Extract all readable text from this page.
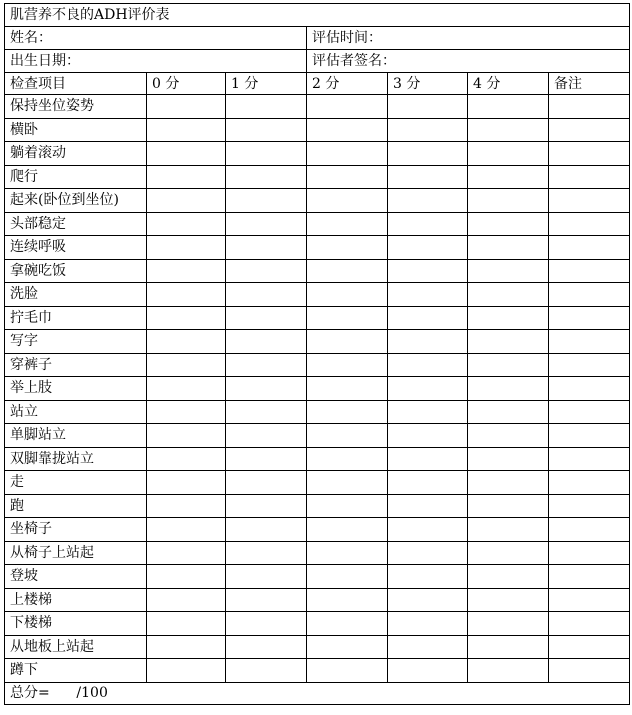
肌营养不良的ADH评价表						
姓名：			评估时间：			
出生日期：			评估者签名：			
检查项目	0 分	1 分	2 分	3 分	4 分	备注
保持坐位姿势						
横卧						
躺着滚动						
爬行						
起来(卧位到坐位)						
头部稳定						
连续呼吸						
拿碗吃饭						
洗脸						
拧毛巾						
写字						
穿裤子						
举上肢						
站立						
单脚站立						
双脚靠拢站立						
走						
跑						
坐椅子						
从椅子上站起						
登坡						
上楼梯						
下楼梯						
从地板上站起						
蹲下						
总分=      /100						
